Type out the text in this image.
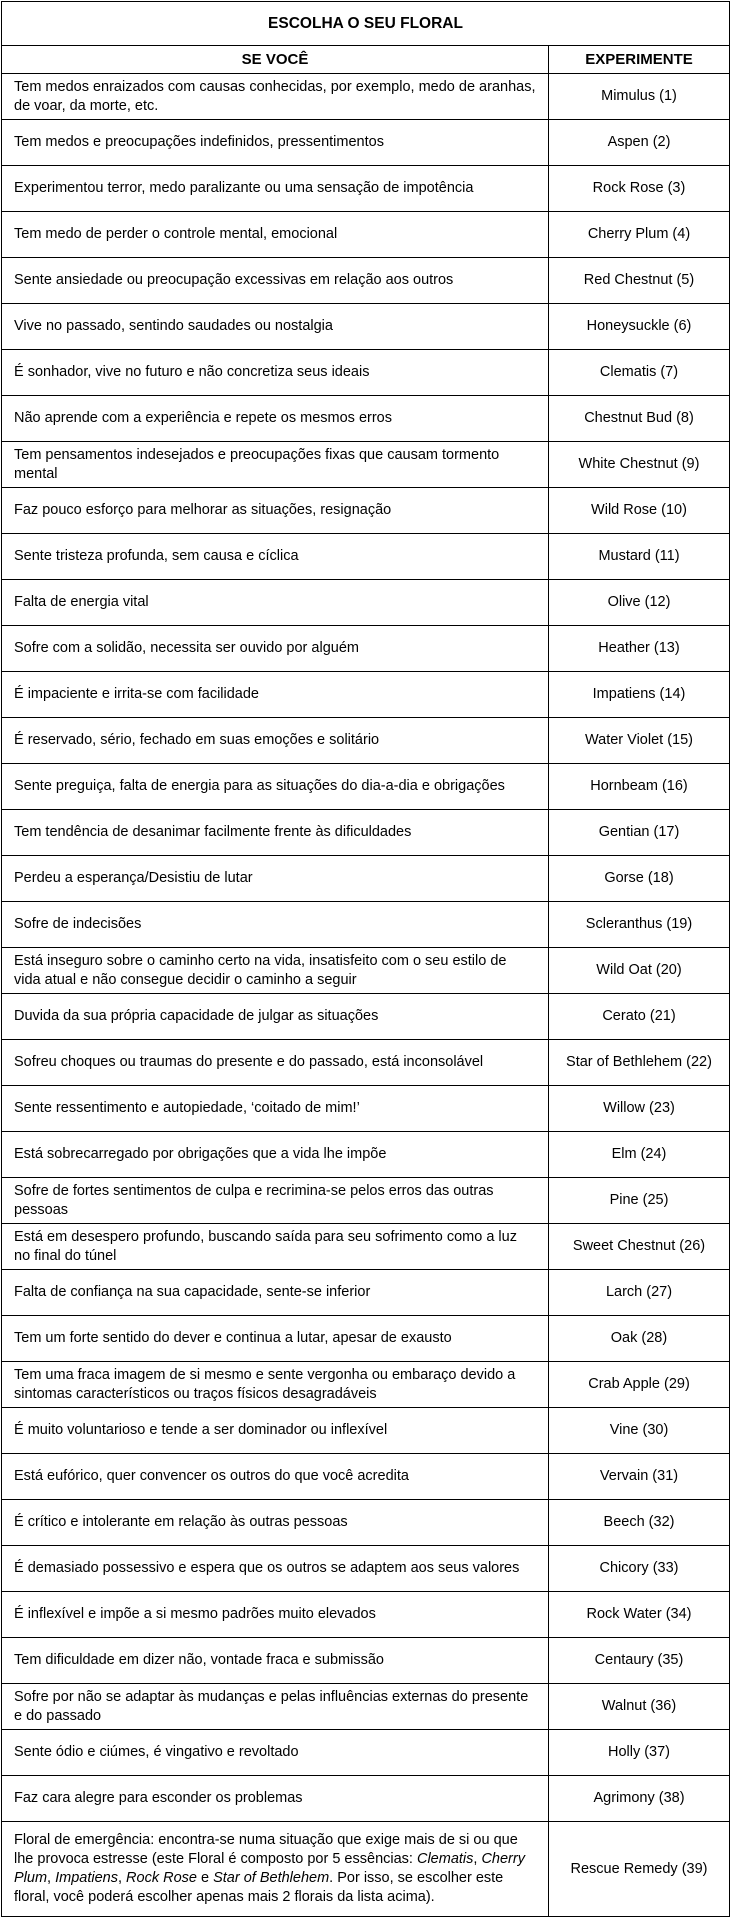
ESCOLHA O SEU FLORAL	
SE VOCÊ	EXPERIMENTE
Tem medos enraizados com causas conhecidas, por exemplo, medo de aranhas, de voar, da morte, etc.	Mimulus (1)
Tem medos e preocupações indefinidos, pressentimentos	Aspen (2)
Experimentou terror, medo paralizante ou uma sensação de impotência	Rock Rose (3)
Tem medo de perder o controle mental, emocional	Cherry Plum (4)
Sente ansiedade ou preocupação excessivas em relação aos outros	Red Chestnut (5)
Vive no passado, sentindo saudades ou nostalgia	Honeysuckle (6)
É sonhador, vive no futuro e não concretiza seus ideais	Clematis (7)
Não aprende com a experiência e repete os mesmos erros	Chestnut Bud (8)
Tem pensamentos indesejados e preocupações fixas que causam tormento mental	White Chestnut (9)
Faz pouco esforço para melhorar as situações, resignação	Wild Rose (10)
Sente tristeza profunda, sem causa e cíclica	Mustard (11)
Falta de energia vital	Olive (12)
Sofre com a solidão, necessita ser ouvido por alguém	Heather (13)
É impaciente e irrita-se com facilidade	Impatiens (14)
É reservado, sério, fechado em suas emoções e solitário	Water Violet (15)
Sente preguiça, falta de energia para as situações do dia-a-dia e obrigações	Hornbeam (16)
Tem tendência de desanimar facilmente frente às dificuldades	Gentian (17)
Perdeu a esperança/Desistiu de lutar	Gorse (18)
Sofre de indecisões	Scleranthus (19)
Está inseguro sobre o caminho certo na vida, insatisfeito com o seu estilo de vida atual e não consegue decidir o caminho a seguir	Wild Oat (20)
Duvida da sua própria capacidade de julgar as situações	Cerato (21)
Sofreu choques ou traumas do presente e do passado, está inconsolável	Star of Bethlehem (22)
Sente ressentimento e autopiedade, ‘coitado de mim!’	Willow (23)
Está sobrecarregado por obrigações que a vida lhe impõe	Elm (24)
Sofre de fortes sentimentos de culpa e recrimina-se pelos erros das outras pessoas	Pine (25)
Está em desespero profundo, buscando saída para seu sofrimento como a luz no final do túnel	Sweet Chestnut (26)
Falta de confiança na sua capacidade, sente-se inferior	Larch (27)
Tem um forte sentido do dever e continua a lutar, apesar de exausto	Oak (28)
Tem uma fraca imagem de si mesmo e sente vergonha ou embaraço devido a sintomas característicos ou traços físicos desagradáveis	Crab Apple (29)
É muito voluntarioso e tende a ser dominador ou inflexível	Vine (30)
Está eufórico, quer convencer os outros do que você acredita	Vervain (31)
É crítico e intolerante em relação às outras pessoas	Beech (32)
É demasiado possessivo e espera que os outros se adaptem aos seus valores	Chicory (33)
É inflexível e impõe a si mesmo padrões muito elevados	Rock Water (34)
Tem dificuldade em dizer não, vontade fraca e submissão	Centaury (35)
Sofre por não se adaptar às mudanças e pelas influências externas do presente e do passado	Walnut (36)
Sente ódio e ciúmes, é vingativo e revoltado	Holly (37)
Faz cara alegre para esconder os problemas	Agrimony (38)
Floral de emergência: encontra-se numa situação que exige mais de si ou que lhe provoca estresse (este Floral é composto por 5 essências: Clematis, Cherry Plum, Impatiens, Rock Rose e Star of Bethlehem. Por isso, se escolher este floral, você poderá escolher apenas mais 2 florais da lista acima).	Rescue Remedy (39)
